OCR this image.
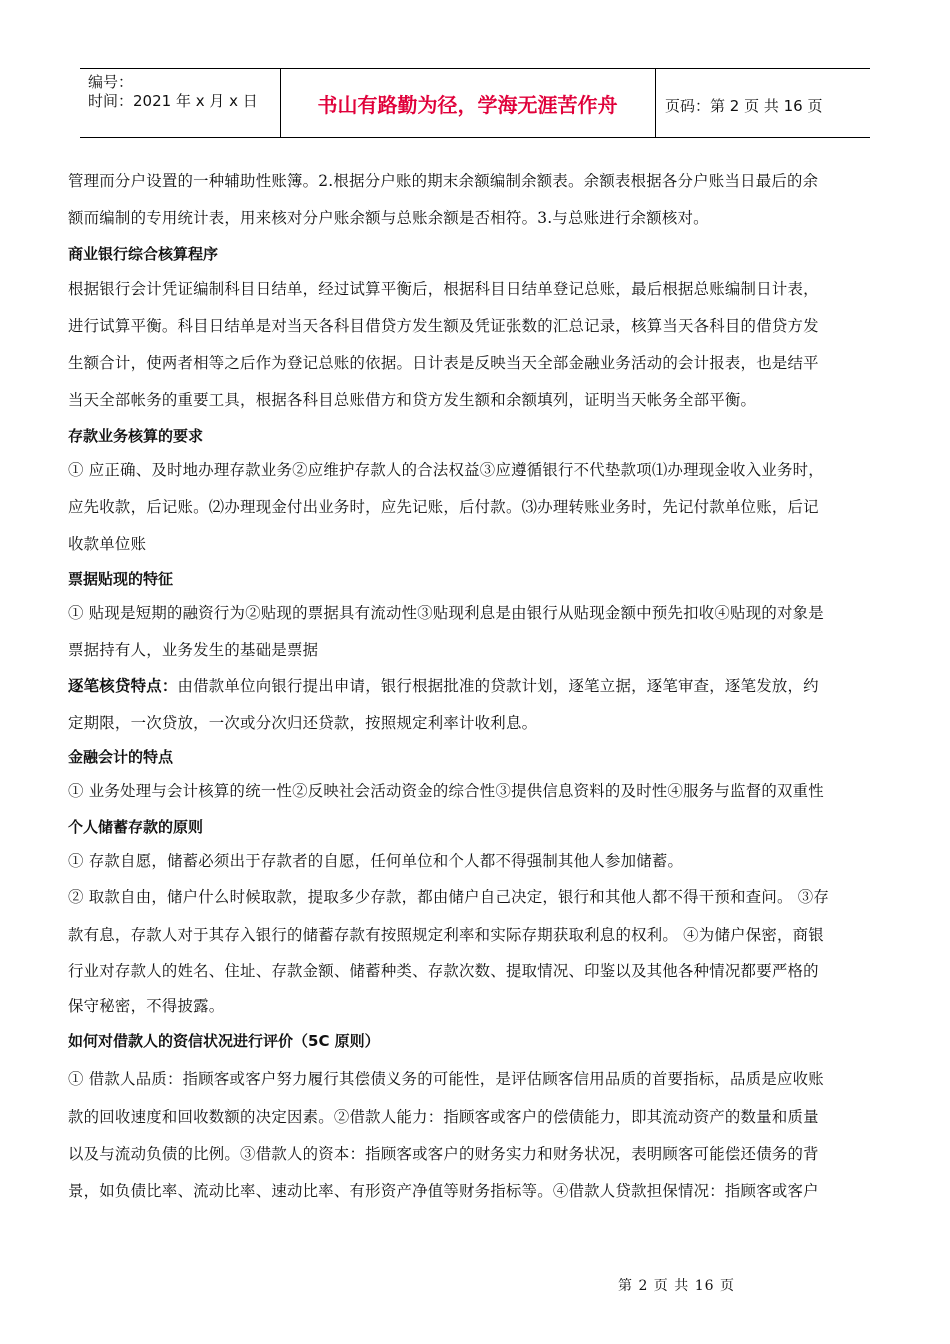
编号：
时间：2021 年 x 月 x 日	书山有路勤为径，学海无涯苦作舟	页码：第 2 页 共 16 页
管理而分户设置的一种辅助性账簿。2.根据分户账的期末余额编制余额表。余额表根据各分户账当日最后的余
额而编制的专用统计表，用来核对分户账余额与总账余额是否相符。3.与总账进行余额核对。
商业银行综合核算程序
根据银行会计凭证编制科目日结单，经过试算平衡后，根据科目日结单登记总账，最后根据总账编制日计表，
进行试算平衡。科目日结单是对当天各科目借贷方发生额及凭证张数的汇总记录，核算当天各科目的借贷方发
生额合计，使两者相等之后作为登记总账的依据。日计表是反映当天全部金融业务活动的会计报表，也是结平
当天全部帐务的重要工具，根据各科目总账借方和贷方发生额和余额填列，证明当天帐务全部平衡。
存款业务核算的要求
① 应正确、及时地办理存款业务②应维护存款人的合法权益③应遵循银行不代垫款项⑴办理现金收入业务时，
应先收款，后记账。⑵办理现金付出业务时，应先记账，后付款。⑶办理转账业务时，先记付款单位账，后记
收款单位账
票据贴现的特征
① 贴现是短期的融资行为②贴现的票据具有流动性③贴现利息是由银行从贴现金额中预先扣收④贴现的对象是
票据持有人，业务发生的基础是票据
逐笔核贷特点：由借款单位向银行提出申请，银行根据批准的贷款计划，逐笔立据，逐笔审查，逐笔发放，约
定期限，一次贷放，一次或分次归还贷款，按照规定利率计收利息。
金融会计的特点
① 业务处理与会计核算的统一性②反映社会活动资金的综合性③提供信息资料的及时性④服务与监督的双重性
个人储蓄存款的原则
① 存款自愿，储蓄必须出于存款者的自愿，任何单位和个人都不得强制其他人参加储蓄。
② 取款自由，储户什么时候取款，提取多少存款，都由储户自己决定，银行和其他人都不得干预和查问。 ③存
款有息，存款人对于其存入银行的储蓄存款有按照规定利率和实际存期获取利息的权利。 ④为储户保密，商银
行业对存款人的姓名、住址、存款金额、储蓄种类、存款次数、提取情况、印鉴以及其他各种情况都要严格的
保守秘密，不得披露。
如何对借款人的资信状况进行评价（5C 原则）
① 借款人品质：指顾客或客户努力履行其偿债义务的可能性，是评估顾客信用品质的首要指标，品质是应收账
款的回收速度和回收数额的决定因素。②借款人能力：指顾客或客户的偿债能力，即其流动资产的数量和质量
以及与流动负债的比例。③借款人的资本：指顾客或客户的财务实力和财务状况，表明顾客可能偿还债务的背
景，如负债比率、流动比率、速动比率、有形资产净值等财务指标等。④借款人贷款担保情况：指顾客或客户
第 2 页 共 16 页
